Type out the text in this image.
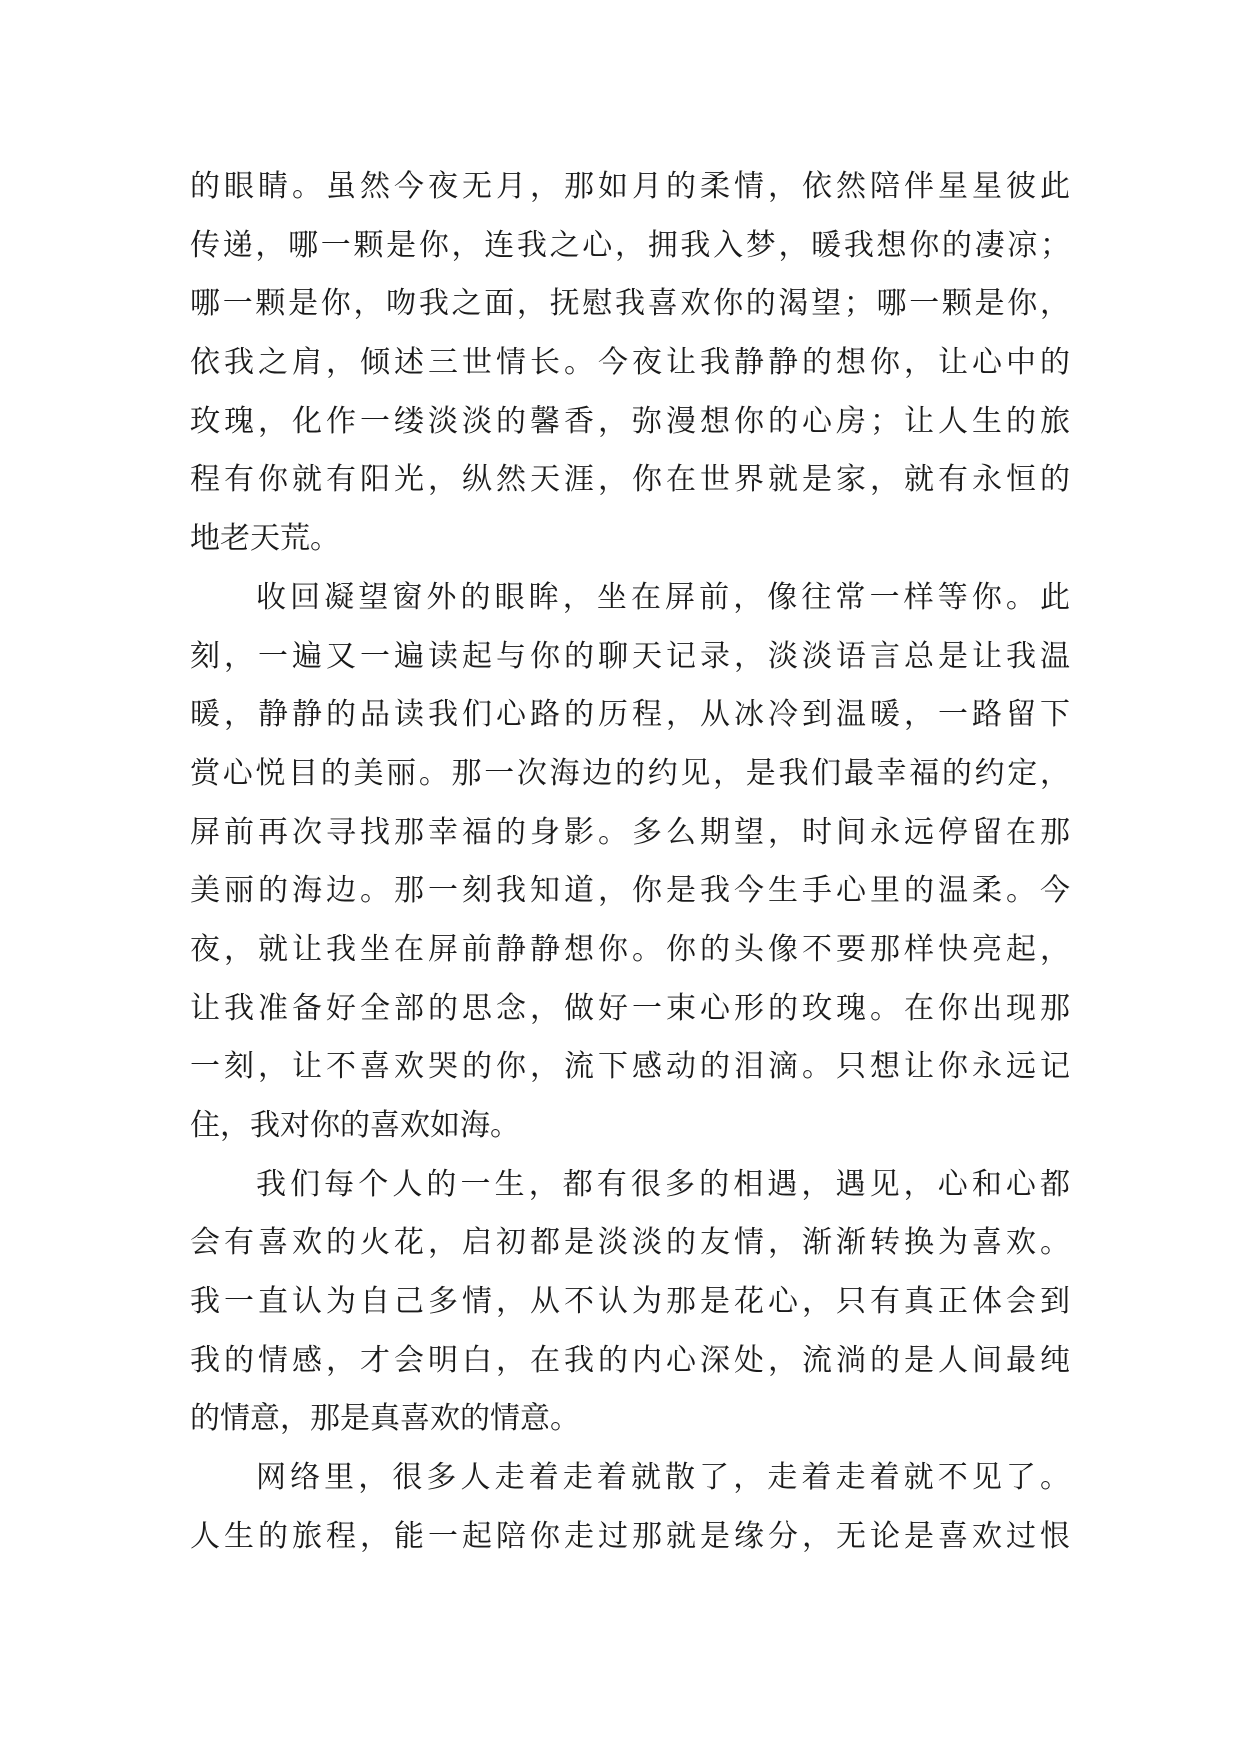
的眼睛。虽然今夜无月，那如月的柔情，依然陪伴星星彼此
传递，哪一颗是你，连我之心，拥我入梦，暖我想你的凄凉；
哪一颗是你，吻我之面，抚慰我喜欢你的渴望；哪一颗是你，
依我之肩，倾述三世情长。今夜让我静静的想你，让心中的
玫瑰，化作一缕淡淡的馨香，弥漫想你的心房；让人生的旅
程有你就有阳光，纵然天涯，你在世界就是家，就有永恒的
地老天荒。
收回凝望窗外的眼眸，坐在屏前，像往常一样等你。此
刻，一遍又一遍读起与你的聊天记录，淡淡语言总是让我温
暖，静静的品读我们心路的历程，从冰冷到温暖，一路留下
赏心悦目的美丽。那一次海边的约见，是我们最幸福的约定，
屏前再次寻找那幸福的身影。多么期望，时间永远停留在那
美丽的海边。那一刻我知道，你是我今生手心里的温柔。今
夜，就让我坐在屏前静静想你。你的头像不要那样快亮起，
让我准备好全部的思念，做好一束心形的玫瑰。在你出现那
一刻，让不喜欢哭的你，流下感动的泪滴。只想让你永远记
住，我对你的喜欢如海。
我们每个人的一生，都有很多的相遇，遇见，心和心都
会有喜欢的火花，启初都是淡淡的友情，渐渐转换为喜欢。
我一直认为自己多情，从不认为那是花心，只有真正体会到
我的情感，才会明白，在我的内心深处，流淌的是人间最纯
的情意，那是真喜欢的情意。
网络里，很多人走着走着就散了，走着走着就不见了。
人生的旅程，能一起陪你走过那就是缘分，无论是喜欢过恨
